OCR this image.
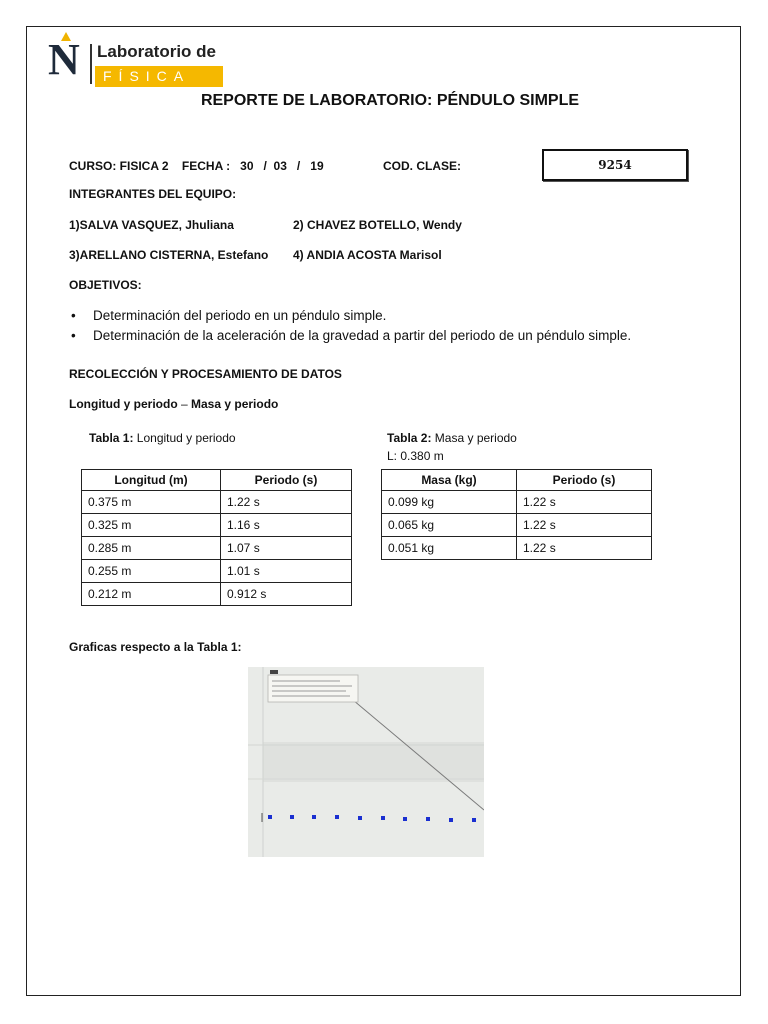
N Laboratorio de
FÍSICA
REPORTE DE LABORATORIO: PÉNDULO SIMPLE
CURSO: FISICA 2 FECHA : 30 / 03 / 19	COD. CLASE:	9254
INTEGRANTES DEL EQUIPO:
1)SALVA VASQUEZ, Jhuliana	2) CHAVEZ BOTELLO, Wendy
3)ARELLANO CISTERNA, Estefano 4) ANDIA ACOSTA Marisol
OBJETIVOS:
• Determinación del periodo en un péndulo simple.
• Determinación de la aceleración de la gravedad a partir del periodo de un péndulo simple.
RECOLECCIÓN Y PROCESAMIENTO DE DATOS
Longitud y periodo – Masa y periodo
Tabla 1: Longitud y periodo
Longitud (m)	Periodo (s)
0.375 m	1.22 s
0.325 m	1.16 s
0.285 m	1.07 s
0.255 m	1.01 s
0.212 m	0.912 s
Tabla 2: Masa y periodo
L: 0.380 m
Masa (kg)	Periodo (s)
0.099 kg	1.22 s
0.065 kg	1.22 s
0.051 kg	1.22 s
Graficas respecto a la Tabla 1:
